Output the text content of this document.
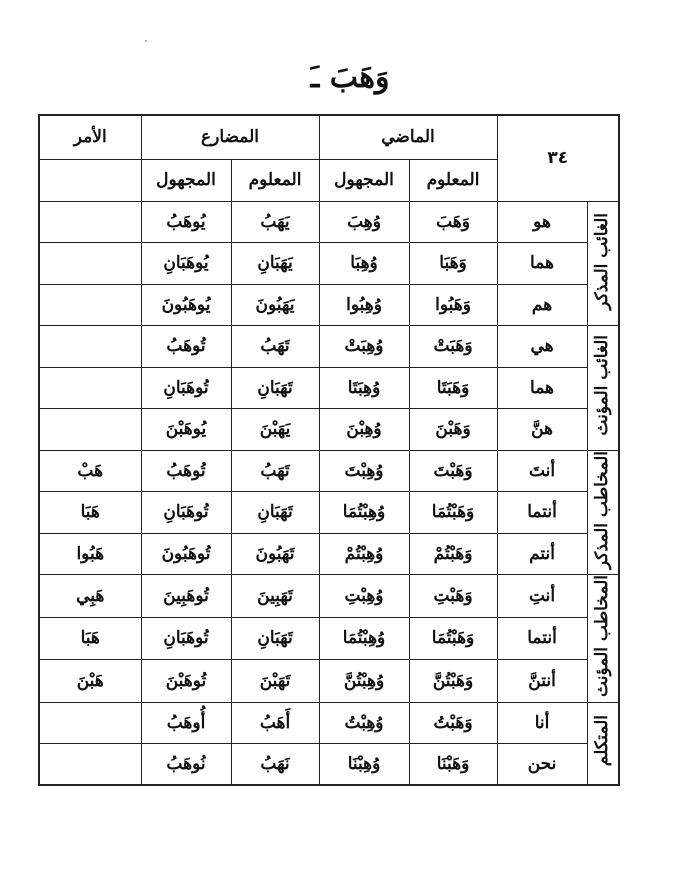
وَهَبَ ـَ
٣٤		الماضي		المضارع		الأمر
		المعلوم	المجهول	المعلوم	المجهول	
الغائب المذكر	هو	وَهَبَ	وُهِبَ	يَهَبُ	يُوهَبُ	
	هما	وَهَبَا	وُهِبَا	يَهَبَانِ	يُوهَبَانِ	
	هم	وَهَبُوا	وُهِبُوا	يَهَبُونَ	يُوهَبُونَ	
الغائب المؤنث	هي	وَهَبَتْ	وُهِبَتْ	تَهَبُ	تُوهَبُ	
	هما	وَهَبَتَا	وُهِبَتَا	تَهَبَانِ	تُوهَبَانِ	
	هنَّ	وَهَبْنَ	وُهِبْنَ	يَهَبْنَ	يُوهَبْنَ	
المخاطب المذكر	أنتَ	وَهَبْتَ	وُهِبْتَ	تَهَبُ	تُوهَبُ	هَبْ
	أنتما	وَهَبْتُمَا	وُهِبْتُمَا	تَهَبَانِ	تُوهَبَانِ	هَبَا
	أنتم	وَهَبْتُمْ	وُهِبْتُمْ	تَهَبُونَ	تُوهَبُونَ	هَبُوا
المخاطب المؤنث	أنتِ	وَهَبْتِ	وُهِبْتِ	تَهَبِينَ	تُوهَبِينَ	هَبِي
	أنتما	وَهَبْتُمَا	وُهِبْتُمَا	تَهَبَانِ	تُوهَبَانِ	هَبَا
	أنتنَّ	وَهَبْتُنَّ	وُهِبْتُنَّ	تَهَبْنَ	تُوهَبْنَ	هَبْنَ
المتكلم	أنا	وَهَبْتُ	وُهِبْتُ	أَهَبُ	أُوهَبُ	
	نحن	وَهَبْنَا	وُهِبْنَا	نَهَبُ	نُوهَبُ	
